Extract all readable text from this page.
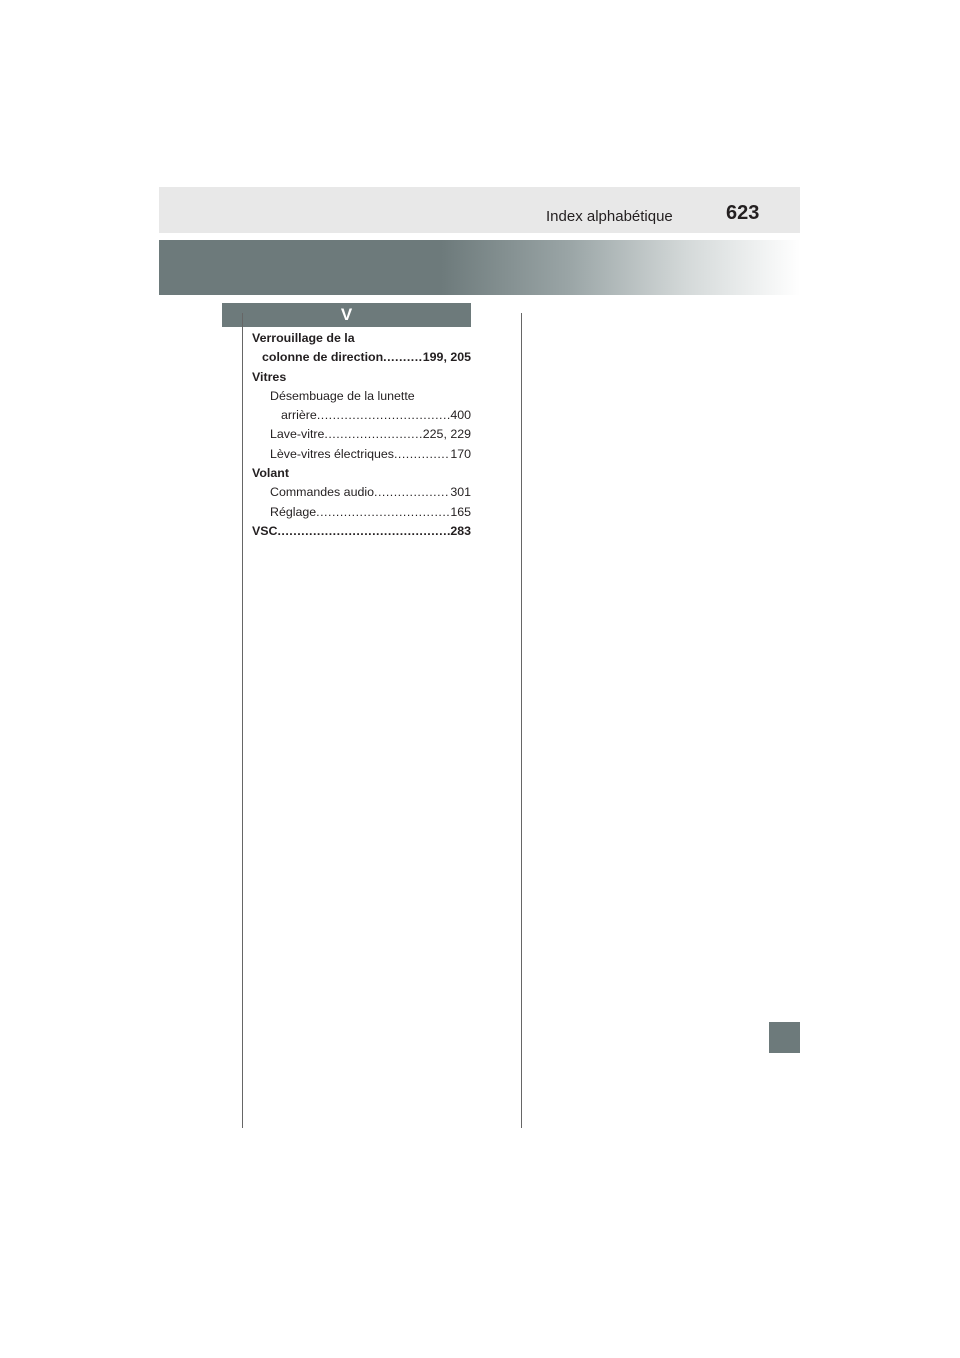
Index alphabétique	623
V
Verrouillage de la
colonne de direction .....	199, 205
Vitres
Désembuage de la lunette
arrière .....	400
Lave-vitre .....	225, 229
Lève-vitres électriques .....	170
Volant
Commandes audio .....	301
Réglage .....	165
VSC .....	283
